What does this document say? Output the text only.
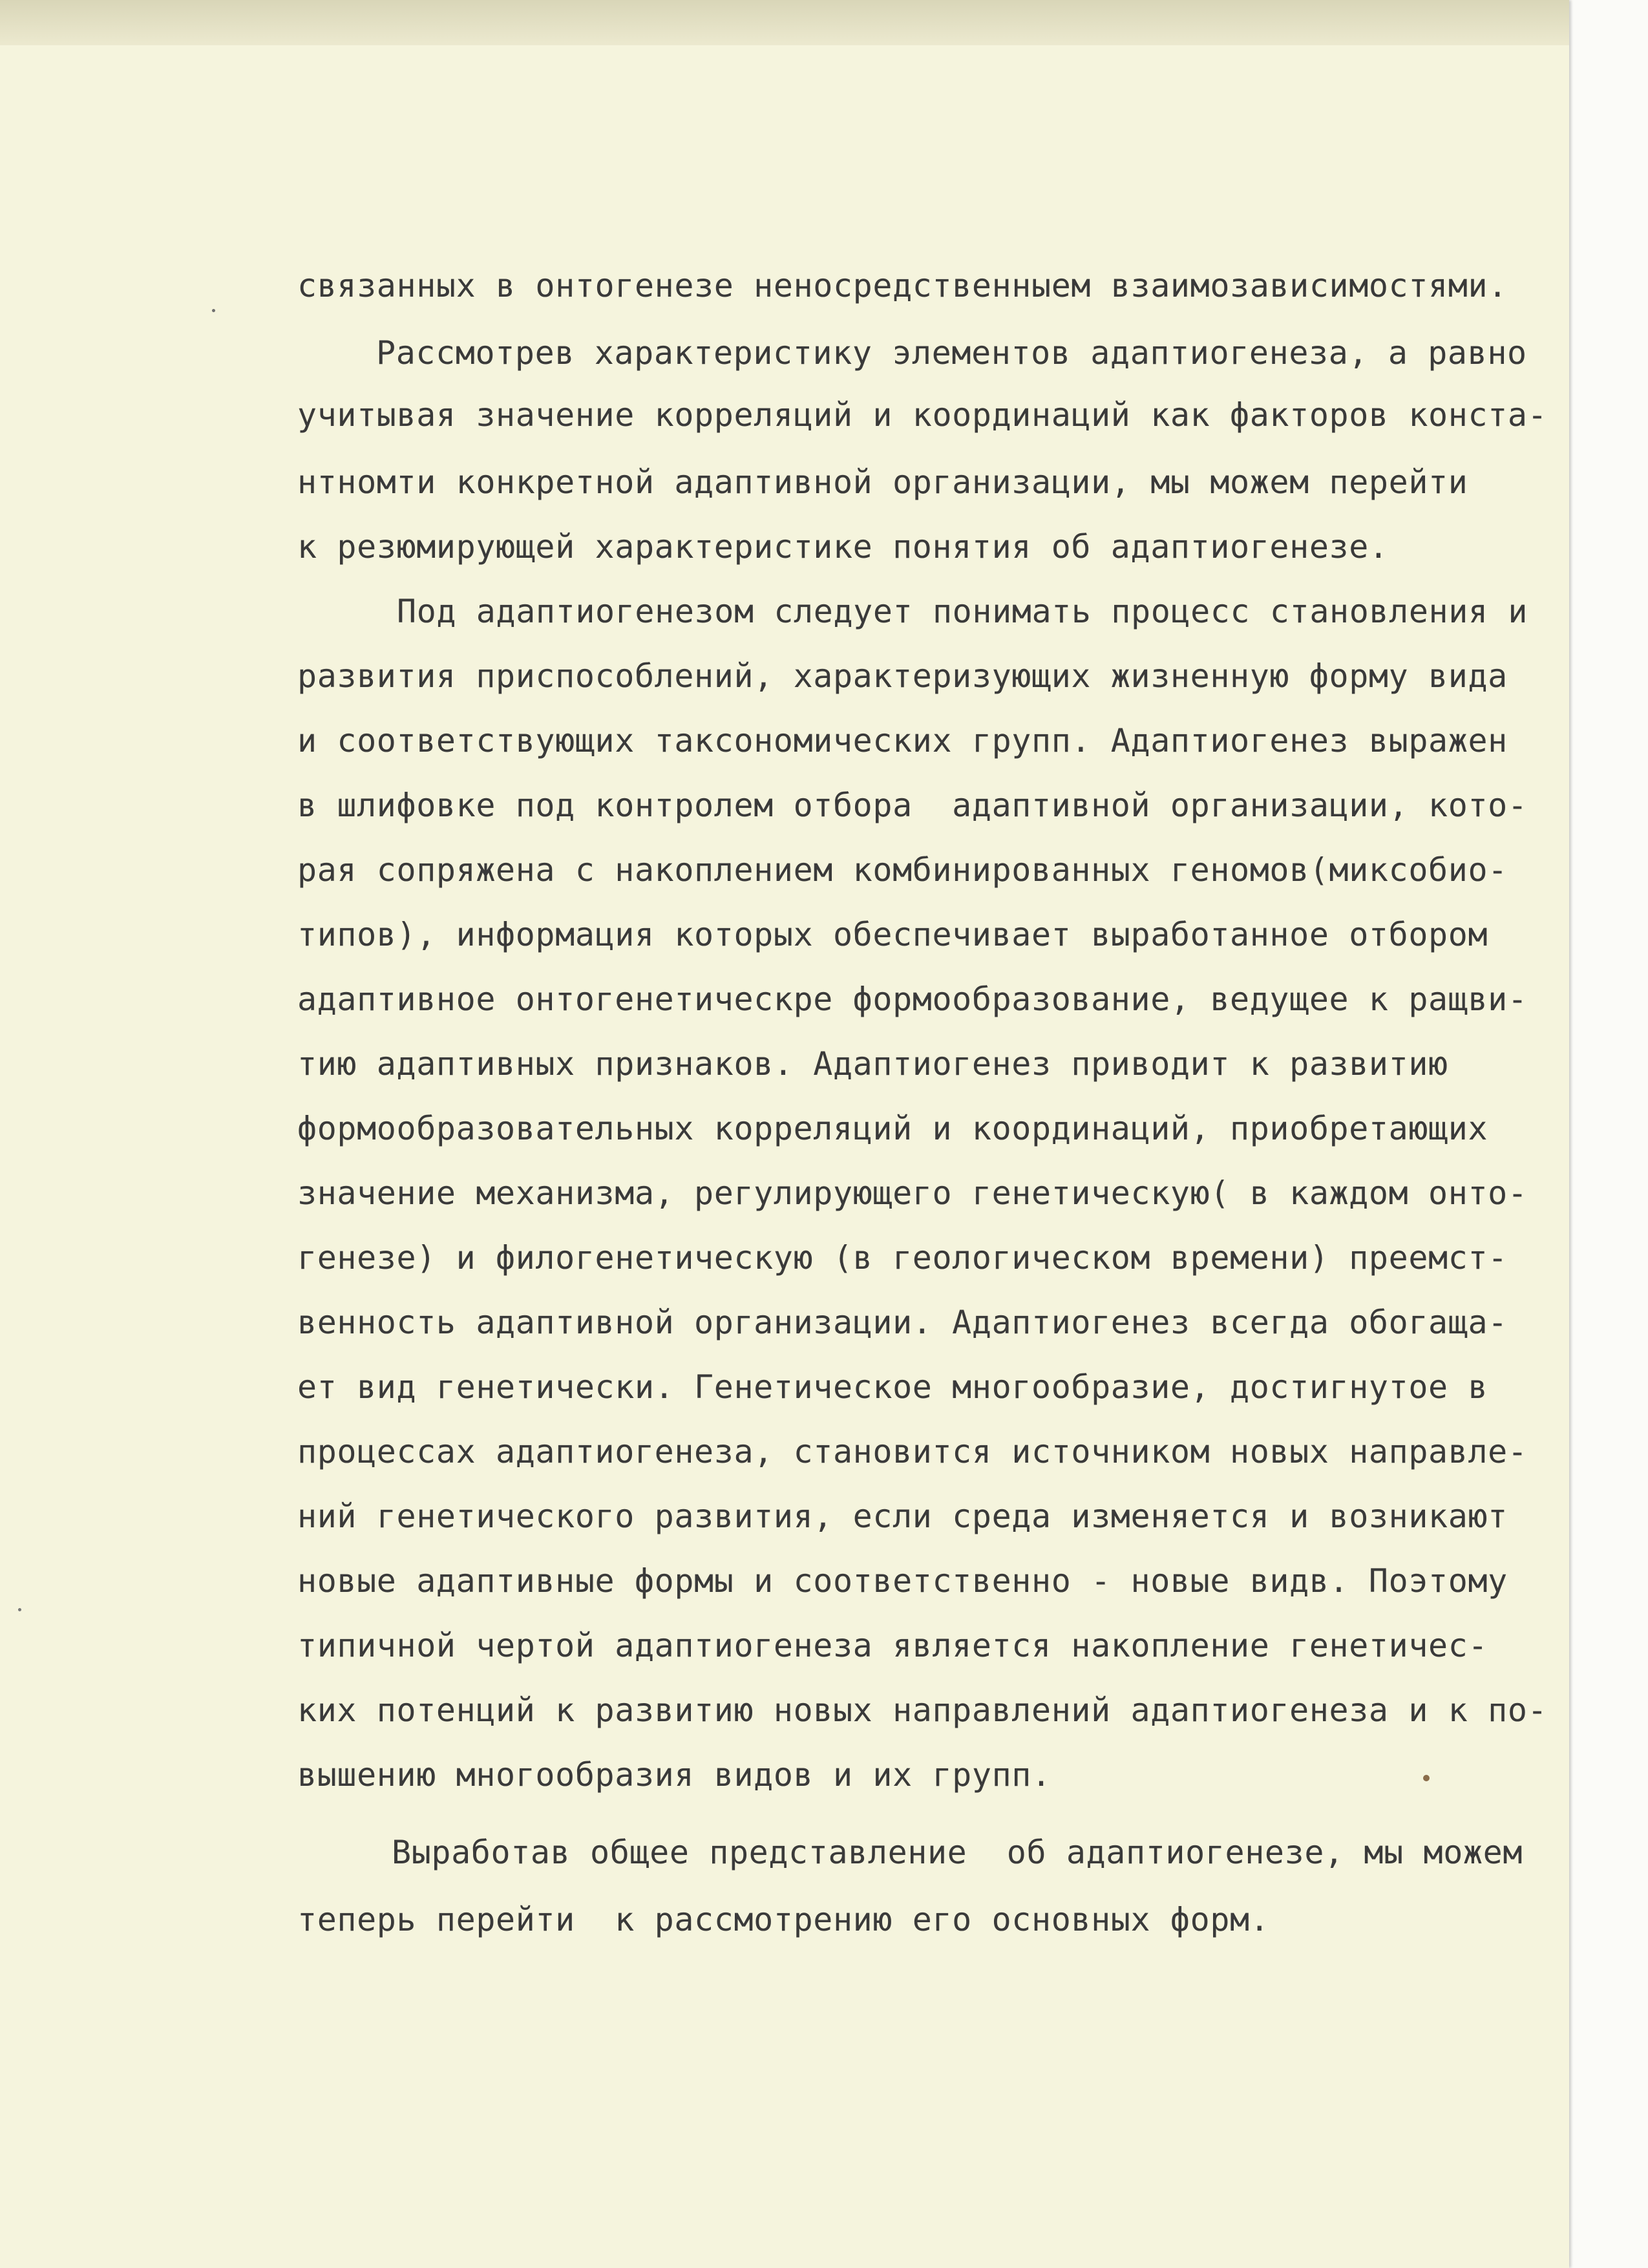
связанных в онтогенезе неносредственныем взаимозависимостями.
Рассмотрев характеристику элементов адаптиогенеза, а равно
учитывая значение корреляций и координаций как факторов конста-
нтномти конкретной адаптивной организации, мы можем перейти
к резюмирующей характеристике понятия об адаптиогенезе.
Под адаптиогенезом следует понимать процесс становления и
развития приспособлений, характеризующих жизненную форму вида
и соответствующих таксономических групп. Адаптиогенез выражен
в шлифовке под контролем отбора  адаптивной организации, кото-
рая сопряжена с накоплением комбинированных геномов(миксобио-
типов), информация которых обеспечивает выработанное отбором
адаптивное онтогенетическре формообразование, ведущее к ращви-
тию адаптивных признаков. Адаптиогенез приводит к развитию
формообразовательных корреляций и координаций, приобретающих
значение механизма, регулирующего генетическую( в каждом онто-
генезе) и филогенетическую (в геологическом времени) преемст-
венность адаптивной организации. Адаптиогенез всегда обогаща-
ет вид генетически. Генетическое многообразие, достигнутое в
процессах адаптиогенеза, становится источником новых направле-
ний генетического развития, если среда изменяется и возникают
новые адаптивные формы и соответственно - новые видв. Поэтому
типичной чертой адаптиогенеза является накопление генетичес-
ких потенций к развитию новых направлений адаптиогенеза и к по-
вышению многообразия видов и их групп.
Выработав общее представление  об адаптиогенезе, мы можем
теперь перейти  к рассмотрению его основных форм.
